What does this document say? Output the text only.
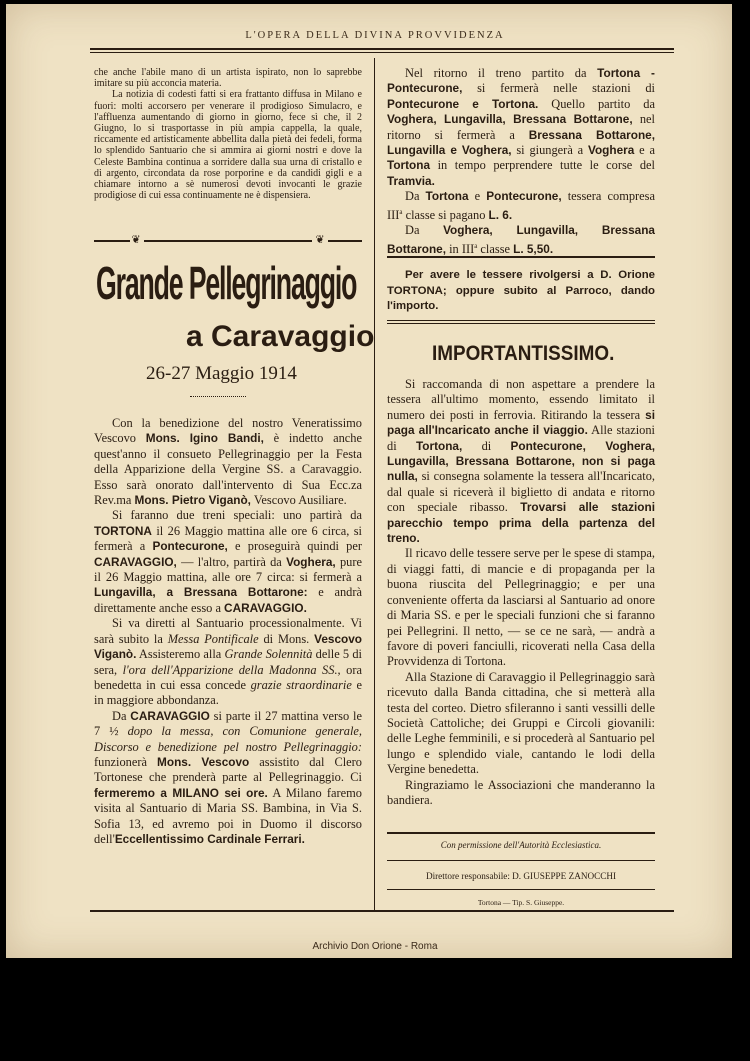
L'OPERA DELLA DIVINA PROVVIDENZA

che anche l'abile mano di un artista ispirato, non lo saprebbe imitare su più acconcia materia.

La notizia di codesti fatti si era frattanto diffusa in Milano e fuori: molti accorsero per venerare il prodigioso Simulacro, e l'affluenza aumentando di giorno in giorno, fece sì che, il 2 Giugno, lo si trasportasse in più ampia cappella, la quale, riccamente ed artisticamente abbellita dalla pietà dei fedeli, forma lo splendido Santuario che si ammira ai giorni nostri e dove la Celeste Bambina continua a sorridere dalla sua urna di cristallo e di argento, circondata da rose porporine e da candidi gigli e a chiamare intorno a sè numerosi devoti invocanti le grazie prodigiose di cui essa continuamente ne è dispensiera.

❦	❦
Grande Pellegrinaggio
a Caravaggio
26-27 Maggio 1914

Con la benedizione del nostro Veneratissimo Vescovo Mons. Igino Bandi, è indetto anche quest'anno il consueto Pellegrinaggio per la Festa della Apparizione della Vergine SS. a Caravaggio. Esso sarà onorato dall'intervento di Sua Ecc.za Rev.ma Mons. Pietro Viganò, Vescovo Ausiliare.

Si faranno due treni speciali: uno partirà da TORTONA il 26 Maggio mattina alle ore 6 circa, si fermerà a Pontecurone, e proseguirà quindi per CARAVAGGIO, — l'altro, partirà da Voghera, pure il 26 Maggio mattina, alle ore 7 circa: si fermerà a Lungavilla, a Bressana Bottarone: e andrà direttamente anche esso a CARAVAGGIO.

Si va diretti al Santuario processionalmente. Vi sarà subito la Messa Pontificale di Mons. Vescovo Viganò. Assisteremo alla Grande Solennità delle 5 di sera, l'ora dell'Apparizione della Madonna SS., ora benedetta in cui essa concede grazie straordinarie e in maggiore abbondanza.

Da CARAVAGGIO si parte il 27 mattina verso le 7 ½ dopo la messa, con Comunione generale, Discorso e benedizione pel nostro Pellegrinaggio: funzionerà Mons. Vescovo assistito dal Clero Tortonese che prenderà parte al Pellegrinaggio. Ci fermeremo a MILANO sei ore. A Milano faremo visita al Santuario di Maria SS. Bambina, in Via S. Sofia 13, ed avremo poi in Duomo il discorso dell'Eccellentissimo Cardinale Ferrari.

Nel ritorno il treno partito da Tortona - Pontecurone, si fermerà nelle stazioni di Pontecurone e Tortona. Quello partito da Voghera, Lungavilla, Bressana Bottarone, nel ritorno si fermerà a Bressana Bottarone, Lungavilla e Voghera, si giungerà a Voghera e a Tortona in tempo perprendere tutte le corse del Tramvia.

Da Tortona e Pontecurone, tessera compresa III$^a$ classe si pagano L. 6.

Da Voghera, Lungavilla, Bressana Bottarone, in III$^a$ classe L. 5,50.

Per avere le tessere rivolgersi a D. Orione TORTONA; oppure subito al Parroco, dando l'importo.

IMPORTANTISSIMO.

Si raccomanda di non aspettare a prendere la tessera all'ultimo momento, essendo limitato il numero dei posti in ferrovia. Ritirando la tessera si paga all'Incaricato anche il viaggio. Alle stazioni di Tortona, di Pontecurone, Voghera, Lungavilla, Bressana Bottarone, non si paga nulla, si consegna solamente la tessera all'Incaricato, dal quale si riceverà il biglietto di andata e ritorno con speciale ribasso. Trovarsi alle stazioni parecchio tempo prima della partenza del treno.

Il ricavo delle tessere serve per le spese di stampa, di viaggi fatti, di mancie e di propaganda per la buona riuscita del Pellegrinaggio; e per una conveniente offerta da lasciarsi al Santuario ad onore di Maria SS. e per le speciali funzioni che si faranno pei Pellegrini. Il netto, — se ce ne sarà, — andrà a favore di poveri fanciulli, ricoverati nella Casa della Provvidenza di Tortona.

Alla Stazione di Caravaggio il Pellegrinaggio sarà ricevuto dalla Banda cittadina, che si metterà alla testa del corteo. Dietro sfileranno i santi vessilli delle Società Cattoliche; dei Gruppi e Circoli giovanili: delle Leghe femminili, e si procederà al Santuario pel lungo e splendido viale, cantando le lodi della Vergine benedetta.

Ringraziamo le Associazioni che manderanno la bandiera.

Con permissione dell'Autorità Ecclesiastica.
Direttore responsabile: D. GIUSEPPE ZANOCCHI
Tortona — Tip. S. Giuseppe.
Archivio Don Orione - Roma
